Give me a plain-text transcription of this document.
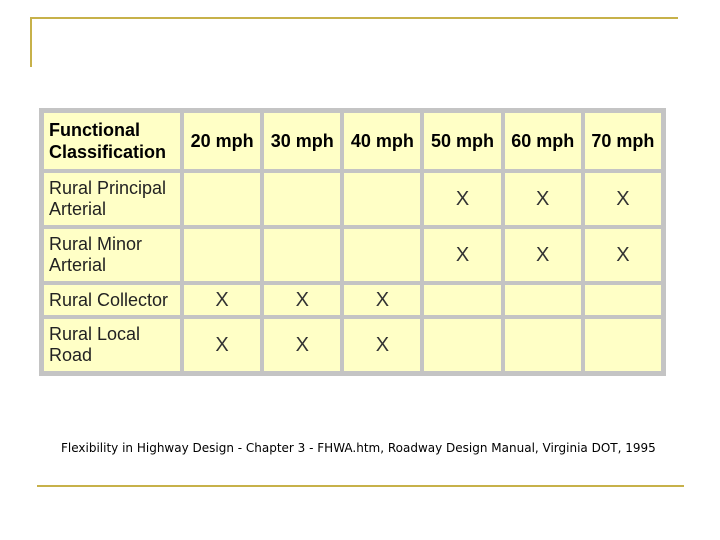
Functional Classification	20 mph	30 mph	40 mph	50 mph	60 mph	70 mph
Rural Principal Arterial				X	X	X
Rural Minor Arterial				X	X	X
Rural Collector	X	X	X			
Rural Local Road	X	X	X			
Flexibility in Highway Design - Chapter 3 - FHWA.htm, Roadway Design Manual, Virginia DOT, 1995
